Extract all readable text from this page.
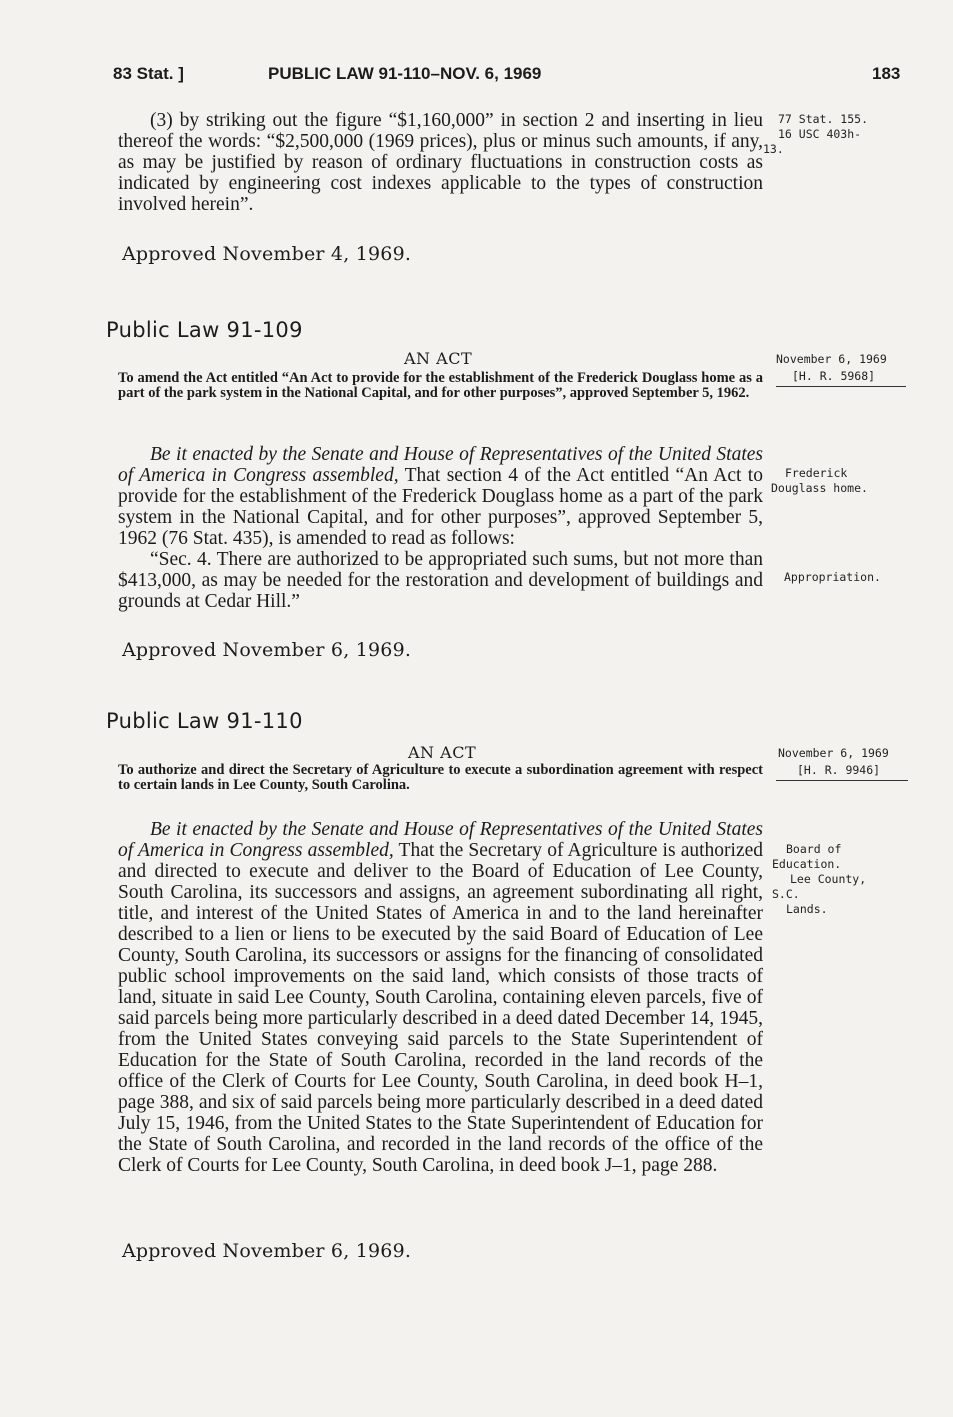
83 Stat. ]	PUBLIC LAW 91-110–NOV. 6, 1969	183

(3) by striking out the figure “$1,160,000” in section 2 and inserting in lieu thereof the words: “$2,500,000 (1969 prices), plus or minus such amounts, if any, as may be justified by reason of ordinary fluctuations in construction costs as indicated by engineering cost indexes applicable to the types of construction involved herein”.

Approved November 4, 1969.
77 Stat. 155.
16 USC 403h-
13.
Public Law 91-109
AN ACT
To amend the Act entitled “An Act to provide for the establishment of the Frederick Douglass home as a part of the park system in the National Capital, and for other purposes”, approved September 5, 1962.
November 6, 1969
[H. R. 5968]

Be it enacted by the Senate and House of Representatives of the United States of America in Congress assembled, That section 4 of the Act entitled “An Act to provide for the establishment of the Frederick Douglass home as a part of the park system in the National Capital, and for other purposes”, approved September 5, 1962 (76 Stat. 435), is amended to read as follows:

“Sec. 4. There are authorized to be appropriated such sums, but not more than $413,000, as may be needed for the restoration and development of buildings and grounds at Cedar Hill.”

Approved November 6, 1969.
Frederick
Douglass home.
Appropriation.
Public Law 91-110
AN ACT
To authorize and direct the Secretary of Agriculture to execute a subordination agreement with respect to certain lands in Lee County, South Carolina.
November 6, 1969
[H. R. 9946]

Be it enacted by the Senate and House of Representatives of the United States of America in Congress assembled, That the Secretary of Agriculture is authorized and directed to execute and deliver to the Board of Education of Lee County, South Carolina, its successors and assigns, an agreement subordinating all right, title, and interest of the United States of America in and to the land hereinafter described to a lien or liens to be executed by the said Board of Education of Lee County, South Carolina, its successors or assigns for the financing of consolidated public school improvements on the said land, which consists of those tracts of land, situate in said Lee County, South Carolina, containing eleven parcels, five of said parcels being more particularly described in a deed dated December 14, 1945, from the United States conveying said parcels to the State Superintendent of Education for the State of South Carolina, recorded in the land records of the office of the Clerk of Courts for Lee County, South Carolina, in deed book H–1, page 388, and six of said parcels being more particularly described in a deed dated July 15, 1946, from the United States to the State Superintendent of Education for the State of South Carolina, and recorded in the land records of the office of the Clerk of Courts for Lee County, South Carolina, in deed book J–1, page 288.

Approved November 6, 1969.
Board of
Education.
Lee County,
S.C.
Lands.
